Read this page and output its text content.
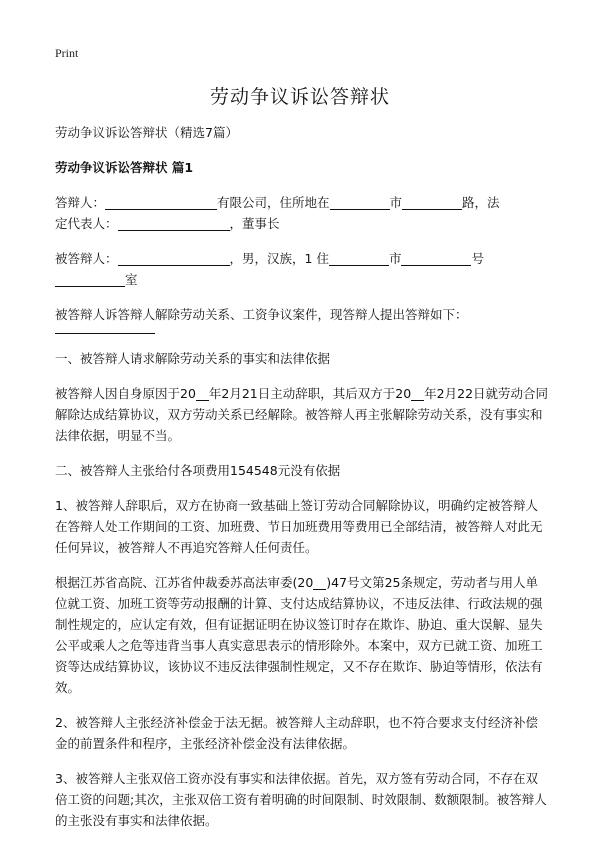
Print
劳动争议诉讼答辩状

劳动争议诉讼答辩状（精选7篇）

劳动争议诉讼答辩状 篇1

答辩人：	有限公司，住所地在	市	路，法
定代表人：	，董事长

被答辩人：	，男，汉族，1 住	市	号
室

被答辩人诉答辩人解除劳动关系、工资争议案件，现答辩人提出答辩如下：

一、被答辩人请求解除劳动关系的事实和法律依据

被答辩人因自身原因于20 年2月21日主动辞职，其后双方于20 年2月22日就劳动合同解除达成结算协议，双方劳动关系已经解除。被答辩人再主张解除劳动关系，没有事实和法律依据，明显不当。

二、被答辩人主张给付各项费用154548元没有依据

1、被答辩人辞职后，双方在协商一致基础上签订劳动合同解除协议，明确约定被答辩人在答辩人处工作期间的工资、加班费、节日加班费用等费用已全部结清，被答辩人对此无任何异议，被答辩人不再追究答辩人任何责任。

根据江苏省高院、江苏省仲裁委苏高法审委(20 )47号文第25条规定，劳动者与用人单位就工资、加班工资等劳动报酬的计算、支付达成结算协议，不违反法律、行政法规的强制性规定的，应认定有效，但有证据证明在协议签订时存在欺诈、胁迫、重大误解、显失公平或乘人之危等违背当事人真实意思表示的情形除外。本案中，双方已就工资、加班工资等达成结算协议，该协议不违反法律强制性规定，又不存在欺诈、胁迫等情形，依法有效。

2、被答辩人主张经济补偿金于法无据。被答辩人主动辞职，也不符合要求支付经济补偿金的前置条件和程序，主张经济补偿金没有法律依据。

3、被答辩人主张双倍工资亦没有事实和法律依据。首先，双方签有劳动合同，不存在双倍工资的问题;其次，主张双倍工资有着明确的时间限制、时效限制、数额限制。被答辩人的主张没有事实和法律依据。
